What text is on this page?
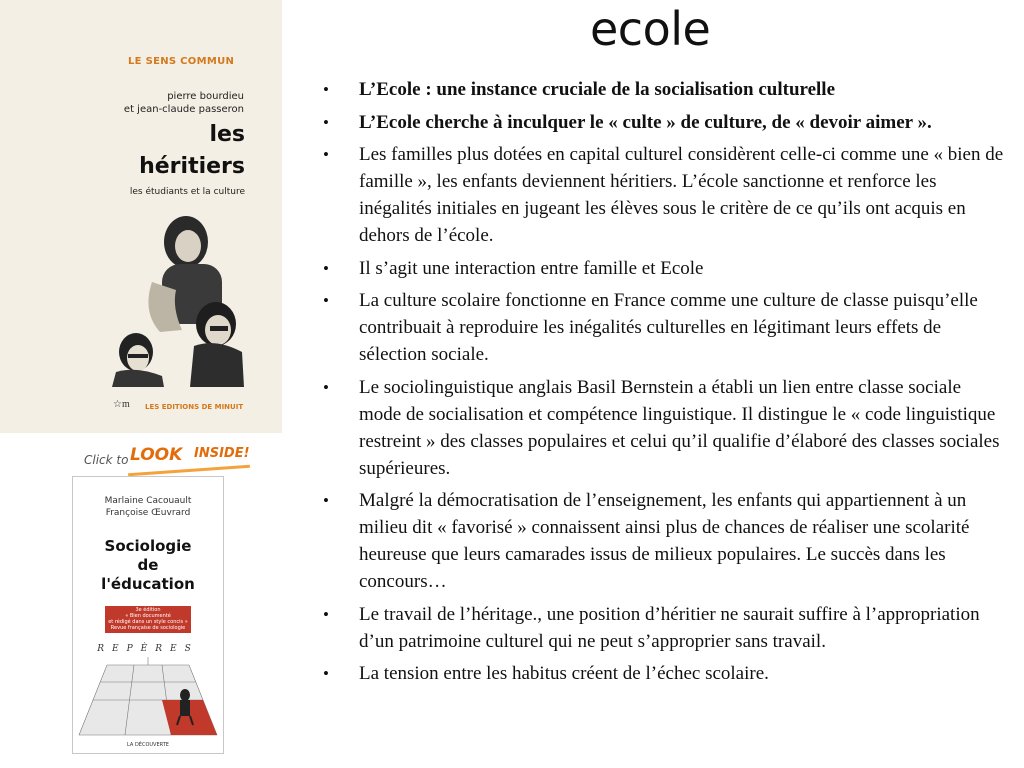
ecole
LE SENS COMMUN
pierre bourdieu
et jean-claude passeron
les
héritiers
les étudiants et la culture
☆m LES EDITIONS DE MINUIT
Click to LOOK INSIDE!
Marlaine Cacouault
Françoise Œuvrard
Sociologie
de
l'éducation
3e édition
« Bien documenté
et rédigé dans un style concis »
Revue française de sociologie
REPÈRES
LA DÉCOUVERTE
• L’Ecole : une instance cruciale de la socialisation culturelle
• L’Ecole cherche à inculquer le « culte » de culture, de « devoir aimer ».
• Les familles plus dotées en capital culturel considèrent celle-ci comme une « bien de famille », les enfants deviennent héritiers. L’école sanctionne et renforce les inégalités initiales en jugeant les élèves sous le critère de ce qu’ils ont acquis en dehors de l’école.
• Il s’agit une interaction entre famille et Ecole
• La culture scolaire fonctionne en France comme une culture de classe puisqu’elle contribuait à reproduire les inégalités culturelles en légitimant leurs effets de sélection sociale.
• Le sociolinguistique anglais Basil Bernstein a établi un lien entre classe sociale mode de socialisation et compétence linguistique. Il distingue le « code linguistique restreint » des classes populaires et celui qu’il qualifie d’élaboré des classes sociales supérieures.
• Malgré la démocratisation de l’enseignement, les enfants qui appartiennent à un milieu dit « favorisé » connaissent ainsi plus de chances de réaliser une scolarité heureuse que leurs camarades issus de milieux populaires. Le succès dans les concours…
• Le travail de l’héritage., une position d’héritier ne saurait suffire à l’appropriation d’un patrimoine culturel qui ne peut s’approprier sans travail.
• La tension entre les habitus créent de l’échec scolaire.
